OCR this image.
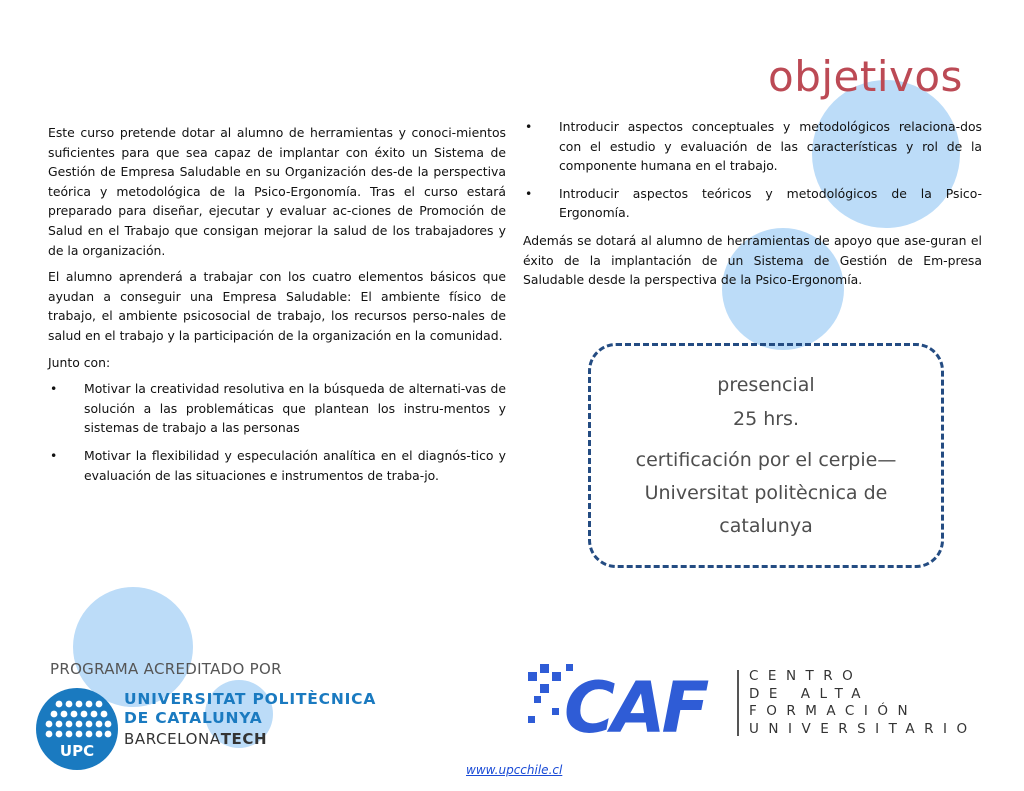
objetivos

Este curso pretende dotar al alumno de herramientas y conoci-mientos suficientes para que sea capaz de implantar con éxito un Sistema de Gestión de Empresa Saludable en su Organización des-de la perspectiva teórica y metodológica de la Psico-Ergonomía. Tras el curso estará preparado para diseñar, ejecutar y evaluar ac-ciones de Promoción de Salud en el Trabajo que consigan mejorar la salud de los trabajadores y de la organización.

El alumno aprenderá a trabajar con los cuatro elementos básicos que ayudan a conseguir una Empresa Saludable: El ambiente físico de trabajo, el ambiente psicosocial de trabajo, los recursos perso-nales de salud en el trabajo y la participación de la organización en la comunidad.

Junto con:

• Motivar la creatividad resolutiva en la búsqueda de alternati-vas de solución a las problemáticas que plantean los instru-mentos y sistemas de trabajo a las personas
• Motivar la flexibilidad y especulación analítica en el diagnós-tico y evaluación de las situaciones e instrumentos de traba-jo.
• Introducir aspectos conceptuales y metodológicos relaciona-dos con el estudio y evaluación de las características y rol de la componente humana en el trabajo.
• Introducir aspectos teóricos y metodológicos de la Psico-Ergonomía.

Además se dotará al alumno de herramientas de apoyo que ase-guran el éxito de la implantación de un Sistema de Gestión de Em-presa Saludable desde la perspectiva de la Psico-Ergonomía.

presencial
25 hrs.
certificación por el cerpie—Universitat politècnica de catalunya
PROGRAMA ACREDITADO POR
UPC
UNIVERSITAT POLITÈCNICA
DE CATALUNYA
BARCELONATECH	CAF	CENTRO
DE ALTA
FORMACIÓN
UNIVERSITARIO
www.upcchile.cl
